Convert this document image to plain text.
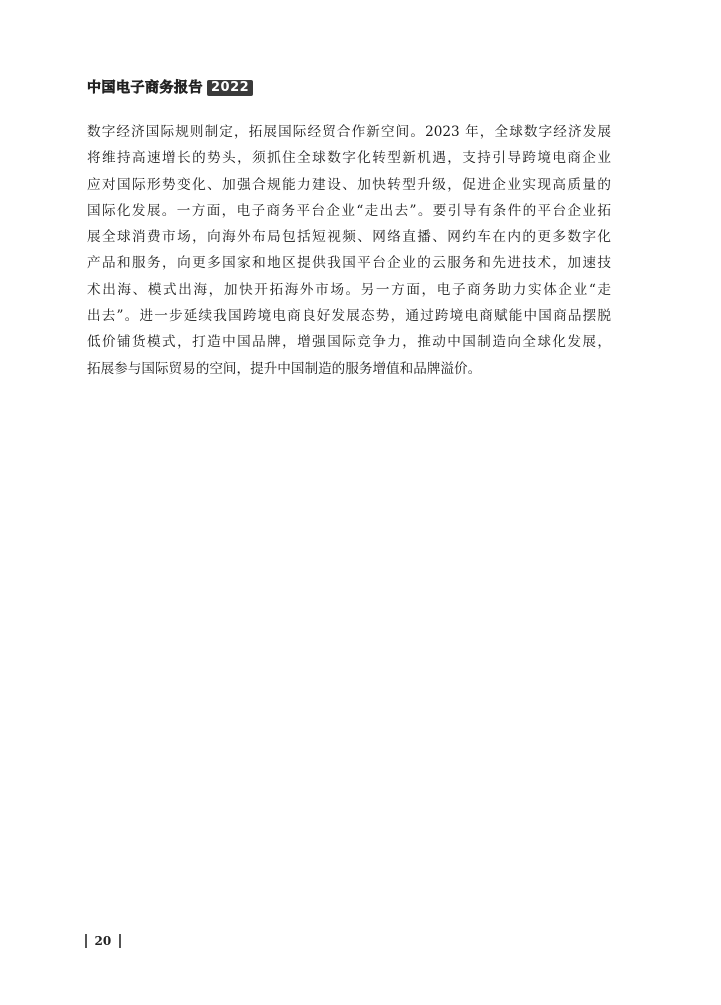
中国电子商务报告 2022
数字经济国际规则制定，拓展国际经贸合作新空间。2023 年，全球数字经济发展
将维持高速增长的势头，须抓住全球数字化转型新机遇，支持引导跨境电商企业
应对国际形势变化、加强合规能力建设、加快转型升级，促进企业实现高质量的
国际化发展。一方面，电子商务平台企业“走出去”。要引导有条件的平台企业拓
展全球消费市场，向海外布局包括短视频、网络直播、网约车在内的更多数字化
产品和服务，向更多国家和地区提供我国平台企业的云服务和先进技术，加速技
术出海、模式出海，加快开拓海外市场。另一方面，电子商务助力实体企业“走
出去”。进一步延续我国跨境电商良好发展态势，通过跨境电商赋能中国商品摆脱
低价铺货模式，打造中国品牌，增强国际竞争力，推动中国制造向全球化发展，
拓展参与国际贸易的空间，提升中国制造的服务增值和品牌溢价。
20
